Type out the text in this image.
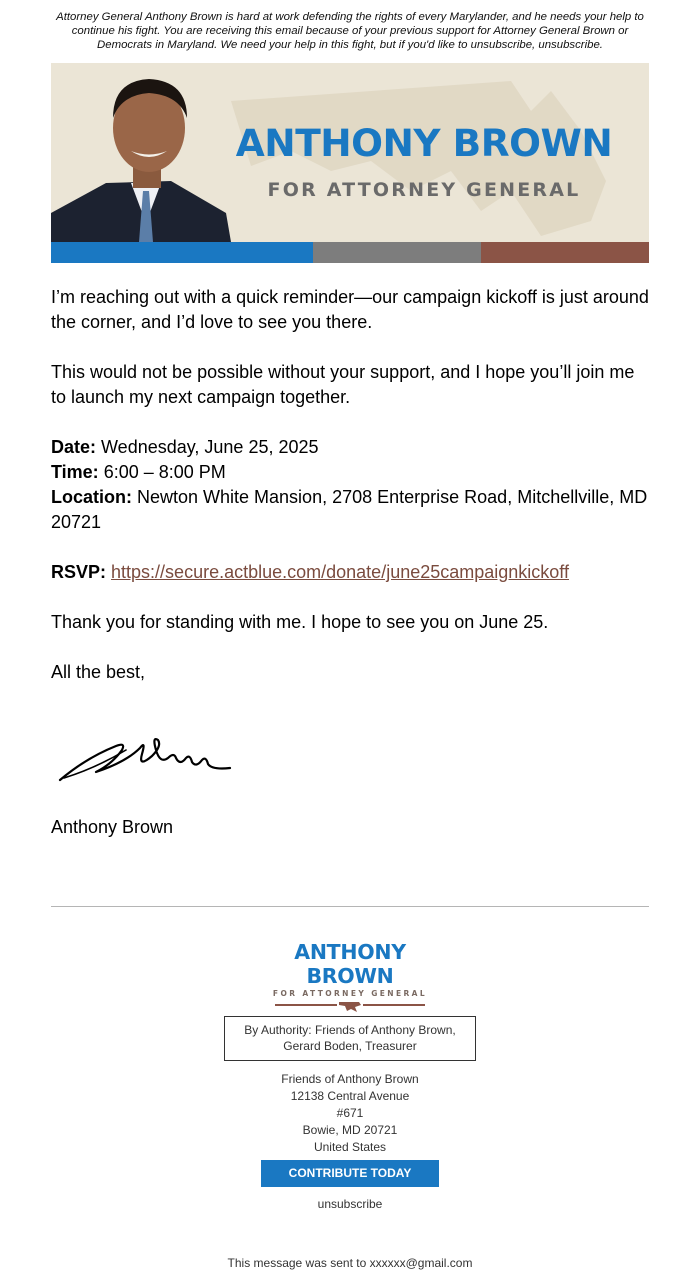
Attorney General Anthony Brown is hard at work defending the rights of every Marylander, and he needs your help to continue his fight. You are receiving this email because of your previous support for Attorney General Brown or Democrats in Maryland. We need your help in this fight, but if you'd like to unsubscribe, unsubscribe.
ANTHONY BROWN
FOR ATTORNEY GENERAL

I’m reaching out with a quick reminder—our campaign kickoff is just around the corner, and I’d love to see you there.

This would not be possible without your support, and I hope you’ll join me to launch my next campaign together.

Date: Wednesday, June 25, 2025
Time: 6:00 – 8:00 PM
Location: Newton White Mansion, 2708 Enterprise Road, Mitchellville, MD 20721

RSVP: https://secure.actblue.com/donate/june25campaignkickoff

Thank you for standing with me. I hope to see you on June 25.

All the best,

Anthony Brown
ANTHONY BROWN
FOR ATTORNEY GENERAL
By Authority: Friends of Anthony Brown,
Gerard Boden, Treasurer
Friends of Anthony Brown
12138 Central Avenue
#671
Bowie, MD 20721
United States
CONTRIBUTE TODAY
unsubscribe
This message was sent to xxxxxx@gmail.com
